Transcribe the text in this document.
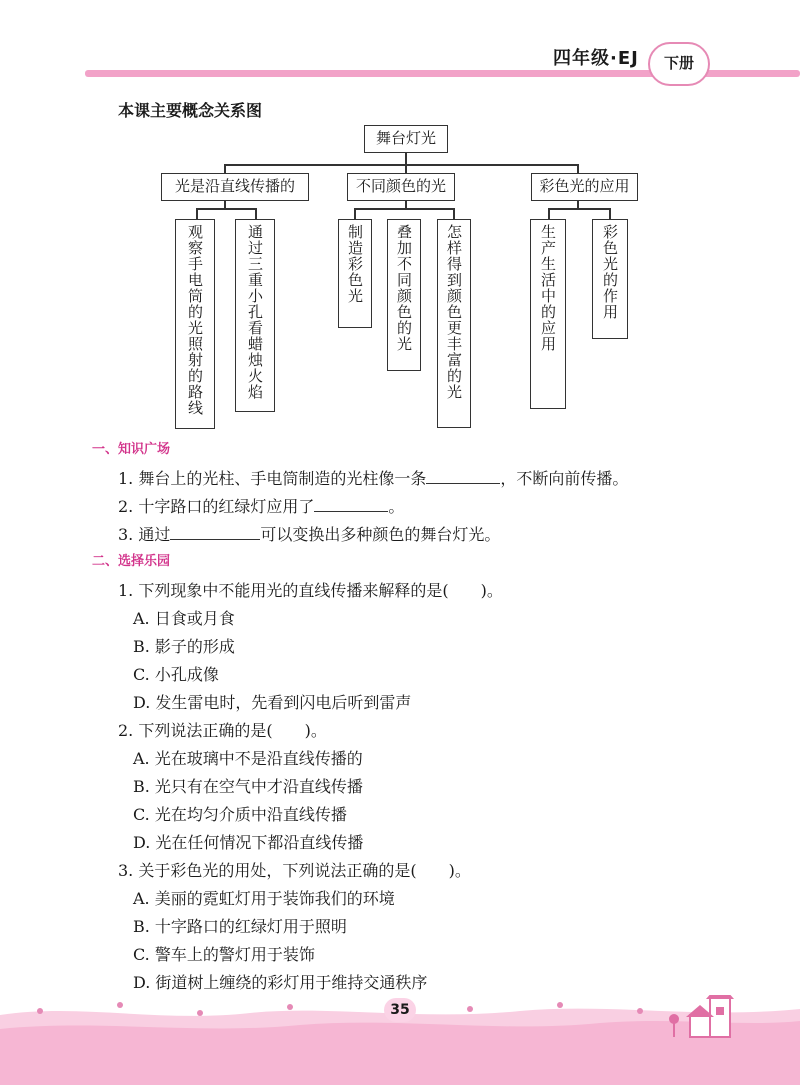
四年级·EJ	下册
本课主要概念关系图
舞台灯光
光是沿直线传播的	不同颜色的光	彩色光的应用
观察手电筒的光照射的路线	通过三重小孔看蜡烛火焰	制造彩色光 叠加不同颜色的光 怎样得到颜色更丰富的光	生产生活中的应用	彩色光的作用
一、知识广场
1. 舞台上的光柱、手电筒制造的光柱像一条	，不断向前传播。
2. 十字路口的红绿灯应用了	。
3. 通过	可以变换出多种颜色的舞台灯光。
二、选择乐园
1. 下列现象中不能用光的直线传播来解释的是(　　)。
A. 日食或月食
B. 影子的形成
C. 小孔成像
D. 发生雷电时，先看到闪电后听到雷声
2. 下列说法正确的是(　　)。
A. 光在玻璃中不是沿直线传播的
B. 光只有在空气中才沿直线传播
C. 光在均匀介质中沿直线传播
D. 光在任何情况下都沿直线传播
3. 关于彩色光的用处，下列说法正确的是(　　)。
A. 美丽的霓虹灯用于装饰我们的环境
B. 十字路口的红绿灯用于照明
C. 警车上的警灯用于装饰
D. 街道树上缠绕的彩灯用于维持交通秩序
35
